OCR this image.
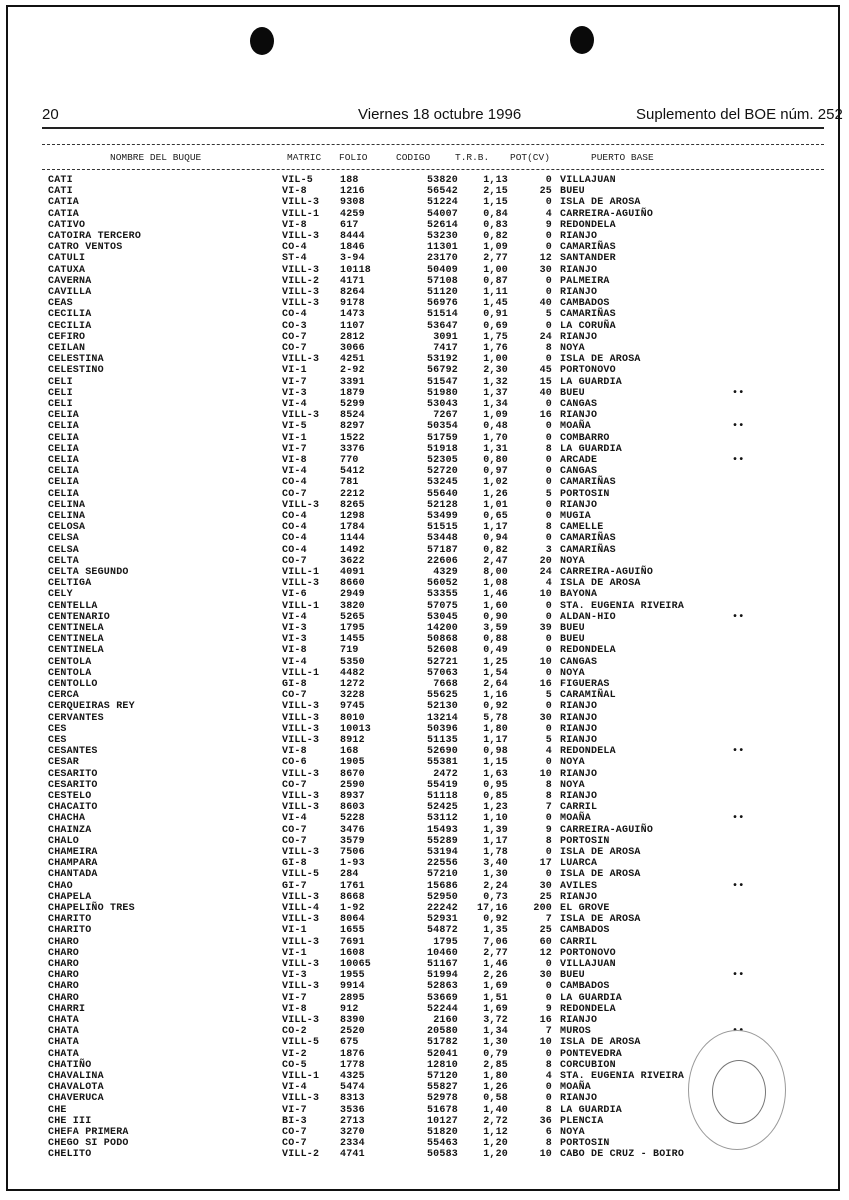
20	Viernes 18 octubre 1996	Suplemento del BOE núm. 252
NOMBRE DEL BUQUE	MATRIC FOLIO	CODIGO	T.R.B. POT(CV)	PUERTO BASE
CATI	VIL-5	188	53820	1,13	0 VILLAJUAN
CATI	VI-8	1216	56542	2,15	25 BUEU
CATIA	VILL-3 9308	51224	1,15	0 ISLA DE AROSA
CATIA	VILL-1 4259	54007	0,84	4 CARREIRA-AGUIÑO
CATIVO	VI-8	617	52614	0,83	9 REDONDELA
CATOIRA TERCERO	VILL-3 8444	53230	0,82	0 RIANJO
CATRO VENTOS	CO-4	1846	11301	1,09	0 CAMARIÑAS
CATULI	ST-4	3-94	23170	2,77	12 SANTANDER
CATUXA	VILL-3 10118	50409	1,00	30 RIANJO
CAVERNA	VILL-2 4171	57108	0,87	0 PALMEIRA
CAVILLA	VILL-3 8264	51120	1,11	0 RIANJO
CEAS	VILL-3 9178	56976	1,45	40 CAMBADOS
CECILIA	CO-4	1473	51514	0,91	5 CAMARIÑAS
CECILIA	CO-3	1107	53647	0,69	0 LA CORUÑA
CEFIRO	CO-7	2812	3091	1,75	24 RIANJO
CEILAN	CO-7	3066	7417	1,76	8 NOYA
CELESTINA	VILL-3 4251	53192	1,00	0 ISLA DE AROSA
CELESTINO	VI-1	2-92	56792	2,30	45 PORTONOVO
CELI	VI-7	3391	51547	1,32	15 LA GUARDIA
CELI	VI-3	1879	51980	1,37	40 BUEU	••
CELI	VI-4	5299	53043	1,34	0 CANGAS
CELIA	VILL-3 8524	7267	1,09	16 RIANJO
CELIA	VI-5	8297	50354	0,48	0 MOAÑA	••
CELIA	VI-1	1522	51759	1,70	0 COMBARRO
CELIA	VI-7	3376	51918	1,31	8 LA GUARDIA
CELIA	VI-8	770	52305	0,80	0 ARCADE	••
CELIA	VI-4	5412	52720	0,97	0 CANGAS
CELIA	CO-4	781	53245	1,02	0 CAMARIÑAS
CELIA	CO-7	2212	55640	1,26	5 PORTOSIN
CELINA	VILL-3 8265	52128	1,01	0 RIANJO
CELINA	CO-4	1298	53499	0,65	0 MUGIA
CELOSA	CO-4	1784	51515	1,17	8 CAMELLE
CELSA	CO-4	1144	53448	0,94	0 CAMARIÑAS
CELSA	CO-4	1492	57187	0,82	3 CAMARIÑAS
CELTA	CO-7	3622	22606	2,47	20 NOYA
CELTA SEGUNDO	VILL-1 4091	4329	8,00	24 CARREIRA-AGUIÑO
CELTIGA	VILL-3 8660	56052	1,08	4 ISLA DE AROSA
CELY	VI-6	2949	53355	1,46	10 BAYONA
CENTELLA	VILL-1 3820	57075	1,60	0 STA. EUGENIA RIVEIRA
CENTENARIO	VI-4	5265	53045	0,90	0 ALDAN-HIO	••
CENTINELA	VI-3	1795	14200	3,59	39 BUEU
CENTINELA	VI-3	1455	50868	0,88	0 BUEU
CENTINELA	VI-8	719	52608	0,49	0 REDONDELA
CENTOLA	VI-4	5350	52721	1,25	10 CANGAS
CENTOLA	VILL-1 4482	57063	1,54	0 NOYA
CENTOLLO	GI-8	1272	7668	2,64	16 FIGUERAS
CERCA	CO-7	3228	55625	1,16	5 CARAMIÑAL
CERQUEIRAS REY	VILL-3 9745	52130	0,92	0 RIANJO
CERVANTES	VILL-3 8010	13214	5,78	30 RIANJO
CES	VILL-3 10013	50396	1,80	0 RIANJO
CES	VILL-3 8912	51135	1,17	5 RIANJO
CESANTES	VI-8	168	52690	0,98	4 REDONDELA	••
CESAR	CO-6	1905	55381	1,15	0 NOYA
CESARITO	VILL-3 8670	2472	1,63	10 RIANJO
CESARITO	CO-7	2590	55419	0,95	8 NOYA
CESTELO	VILL-3 8937	51118	0,85	8 RIANJO
CHACAITO	VILL-3 8603	52425	1,23	7 CARRIL
CHACHA	VI-4	5228	53112	1,10	0 MOAÑA	••
CHAINZA	CO-7	3476	15493	1,39	9 CARREIRA-AGUIÑO
CHALO	CO-7	3579	55289	1,17	8 PORTOSIN
CHAMEIRA	VILL-3 7506	53194	1,78	0 ISLA DE AROSA
CHAMPARA	GI-8	1-93	22556	3,40	17 LUARCA
CHANTADA	VILL-5 284	57210	1,30	0 ISLA DE AROSA
CHAO	GI-7	1761	15686	2,24	30 AVILES	••
CHAPELA	VILL-3 8668	52950	0,73	25 RIANJO
CHAPELIÑO TRES	VILL-4 1-92	22242	17,16	200 EL GROVE
CHARITO	VILL-3 8064	52931	0,92	7 ISLA DE AROSA
CHARITO	VI-1	1655	54872	1,35	25 CAMBADOS
CHARO	VILL-3 7691	1795	7,06	60 CARRIL
CHARO	VI-1	1608	10460	2,77	12 PORTONOVO
CHARO	VILL-3 10065	51167	1,46	0 VILLAJUAN
CHARO	VI-3	1955	51994	2,26	30 BUEU	••
CHARO	VILL-3 9914	52863	1,69	0 CAMBADOS
CHARO	VI-7	2895	53669	1,51	0 LA GUARDIA
CHARRI	VI-8	912	52244	1,69	9 REDONDELA
CHATA	VILL-3 8390	2160	3,72	16 RIANJO
CHATA	CO-2	2520	20580	1,34	7 MUROS	••
CHATA	VILL-5 675	51782	1,30	10 ISLA DE AROSA
CHATA	VI-2	1876	52041	0,79	0 PONTEVEDRA
CHATIÑO	CO-5	1778	12810	2,85	8 CORCUBION
CHAVALINA	VILL-1 4325	57120	1,80	4 STA. EUGENIA RIVEIRA
CHAVALOTA	VI-4	5474	55827	1,26	0 MOAÑA
CHAVERUCA	VILL-3 8313	52978	0,58	0 RIANJO
CHE	VI-7	3536	51678	1,40	8 LA GUARDIA
CHE III	BI-3	2713	10127	2,72	36 PLENCIA
CHEFA PRIMERA	CO-7	3270	51820	1,12	6 NOYA
CHEGO SI PODO	CO-7	2334	55463	1,20	8 PORTOSIN
CHELITO	VILL-2 4741	50583	1,20	10 CABO DE CRUZ - BOIRO
